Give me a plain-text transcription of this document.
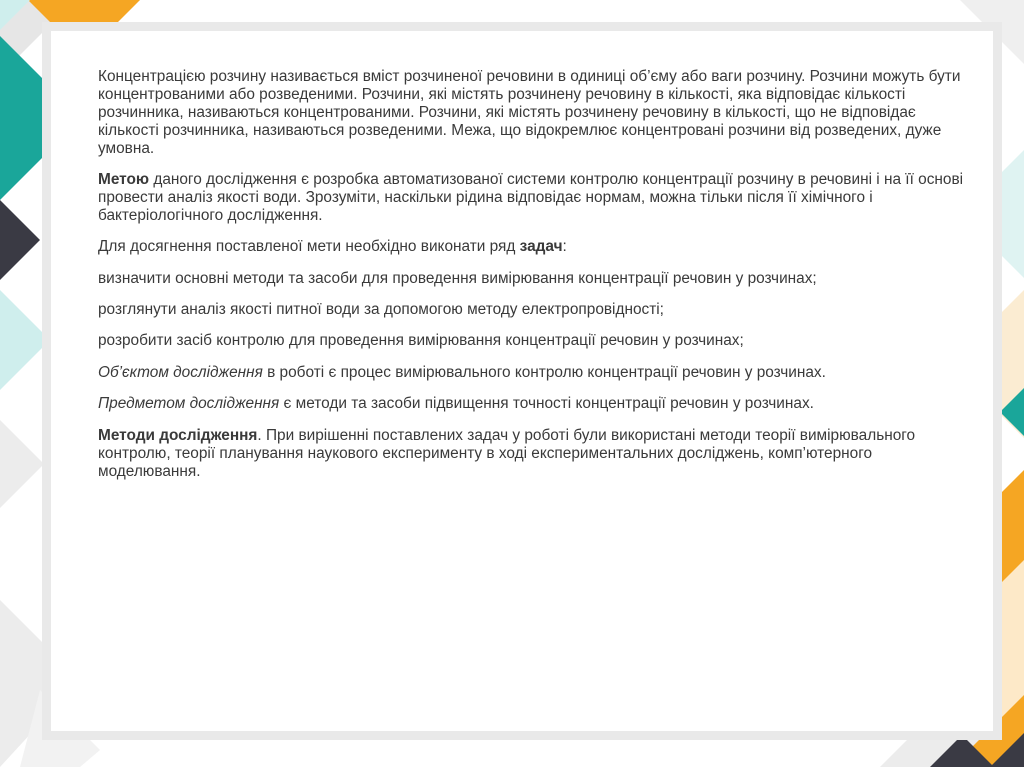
Концентрацією розчину називається вміст розчиненої речовини в одиниці об’єму або ваги розчину. Розчини можуть бути концентрованими або розведеними. Розчини, які містять розчинену речовину в кількості, яка відповідає кількості розчинника, називаються концентрованими. Розчини, які містять розчинену речовину в кількості, що не відповідає кількості розчинника, називаються розведеними. Межа, що відокремлює концентровані розчини від розведених, дуже умовна.

Метою даного дослідження є розробка автоматизованої системи контролю концентрації розчину в речовині і на її основі провести аналіз якості води. Зрозуміти, наскільки рідина відповідає нормам, можна тільки після її хімічного і бактеріологічного дослідження.

Для досягнення поставленої мети необхідно виконати ряд задач:

визначити основні методи та засоби для проведення вимірювання концентрації речовин у розчинах;

розглянути аналіз якості питної води за допомогою методу електропровідності;

розробити засіб контролю для проведення вимірювання концентрації речовин у розчинах;

Об’єктом дослідження в роботі є процес вимірювального контролю концентрації речовин у розчинах.

Предметом дослідження є методи та засоби підвищення точності концентрації речовин у розчинах.

Методи дослідження. При вирішенні поставлених задач у роботі були використані методи теорії вимірювального контролю, теорії планування наукового експерименту в ході експериментальних досліджень, комп’ютерного моделювання.
